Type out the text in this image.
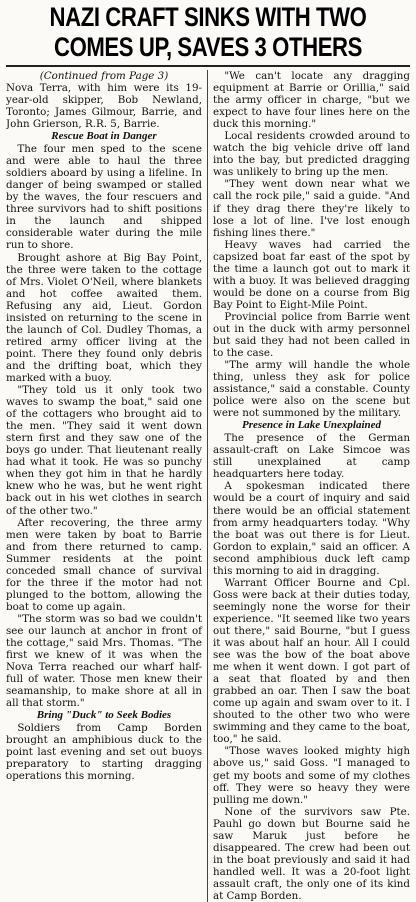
NAZI CRAFT SINKS WITH TWO
COMES UP, SAVES 3 OTHERS

(Continued from Page 3)

Nova Terra, with him were its 19-year-old skipper, Bob Newland, Toronto; James Gilmour, Barrie, and John Grierson, R.R. 5, Barrie.

Rescue Boat in Danger

The four men sped to the scene and were able to haul the three soldiers aboard by using a lifeline. In danger of being swamped or stalled by the waves, the four rescuers and three survivors had to shift positions in the launch and shipped considerable water during the mile run to shore.

Brought ashore at Big Bay Point, the three were taken to the cottage of Mrs. Violet O'Neil, where blankets and hot coffee awaited them. Refusing any aid, Lieut. Gordon insisted on returning to the scene in the launch of Col. Dudley Thomas, a retired army officer living at the point. There they found only debris and the drifting boat, which they marked with a buoy.

"They told us it only took two waves to swamp the boat," said one of the cottagers who brought aid to the men. "They said it went down stern first and they saw one of the boys go under. That lieutenant really had what it took. He was so punchy when they got him in that he hardly knew who he was, but he went right back out in his wet clothes in search of the other two."

After recovering, the three army men were taken by boat to Barrie and from there returned to camp. Summer residents at the point conceded small chance of survival for the three if the motor had not plunged to the bottom, allowing the boat to come up again.

"The storm was so bad we couldn't see our launch at anchor in front of the cottage," said Mrs. Thomas. "The first we knew of it was when the Nova Terra reached our wharf half-full of water. Those men knew their seamanship, to make shore at all in all that storm."

Bring "Duck" to Seek Bodies

Soldiers from Camp Borden brought an amphibious duck to the point last evening and set out buoys preparatory to starting dragging operations this morning.

"We can't locate any dragging equipment at Barrie or Orillia," said the army officer in charge, "but we expect to have four lines here on the duck this morning."

Local residents crowded around to watch the big vehicle drive off land into the bay, but predicted dragging was unlikely to bring up the men.

"They went down near what we call the rock pile," said a guide. "And if they drag there they're likely to lose a lot of line. I've lost enough fishing lines there."

Heavy waves had carried the capsized boat far east of the spot by the time a launch got out to mark it with a buoy. It was believed dragging would be done on a course from Big Bay Point to Eight-Mile Point.

Provincial police from Barrie went out in the duck with army personnel but said they had not been called in to the case.

"The army will handle the whole thing, unless they ask for police assistance," said a constable. County police were also on the scene but were not summoned by the military.

Presence in Lake Unexplained

The presence of the German assault-craft on Lake Simcoe was still unexplained at camp headquarters here today.

A spokesman indicated there would be a court of inquiry and said there would be an official statement from army headquarters today. "Why the boat was out there is for Lieut. Gordon to explain," said an officer. A second amphibious duck left camp this morning to aid in dragging.

Warrant Officer Bourne and Cpl. Goss were back at their duties today, seemingly none the worse for their experience. "It seemed like two years out there," said Bourne, "but I guess it was about half an hour. All I could see was the bow of the boat above me when it went down. I got part of a seat that floated by and then grabbed an oar. Then I saw the boat come up again and swam over to it. I shouted to the other two who were swimming and they came to the boat, too," he said.

"Those waves looked mighty high above us," said Goss. "I managed to get my boots and some of my clothes off. They were so heavy they were pulling me down."

None of the survivors saw Pte. Pauhl go down but Bourne said he saw Maruk just before he disappeared. The crew had been out in the boat previously and said it had handled well. It was a 20-foot light assault craft, the only one of its kind at Camp Borden.
